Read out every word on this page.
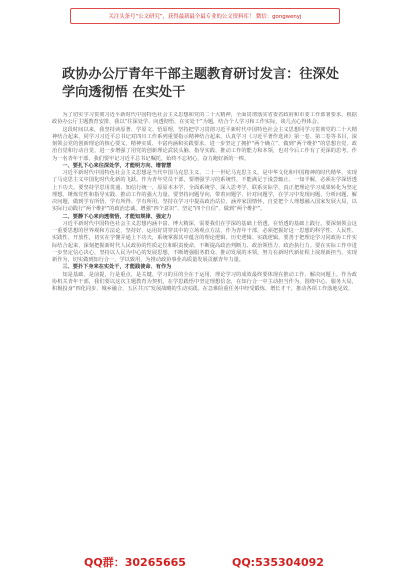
关注头条号“公文研究”，获得最新最全最专业的公文资料库！ 微信：gongwenyj
政协办公厅青年干部主题教育研讨发言：往深处学向透彻悟 在实处干

为了切实学习贯彻习近平新时代中国特色社会主义思想和党的二十大精神，全面贯彻落实省委省政府和市委工作部署要求，根据政协办公厅主题教育安排，我以“往深处学、向透彻悟、在实处干”为题，结合个人学习和工作实际，谈几点心得体会。

这段时间以来，我坚持读原著、学原文、悟原理，坚持把学习贯彻习近平新时代中国特色社会主义思想同学习贯彻党的二十大精神结合起来，同学习习近平总书记对四川工作系列重要指示精神结合起来，认真学习《习近平著作选读》第一卷、第二卷等书目，深刻领会党的创新理论的核心要义、精神实质、丰富内涵和实践要求，进一步坚定了拥护“两个确立”、做到“两个维护”的思想自觉、政治自觉和行动自觉，进一步增强了用党的创新理论武装头脑、指导实践、推动工作的能力和本领，也对今后工作有了更深的思考。作为一名青年干部，我们要牢记习近平总书记嘱托，始终不忘初心，奋力跑好新的一棒。

一、要扎下心来往深处学，才能明方向、增智慧

习近平新时代中国特色社会主义思想是当代中国马克思主义、二十一世纪马克思主义，是中华文化和中国精神的时代精华，实现了马克思主义中国化时代化新的飞跃。作为青年党员干部，要增强学习的系统性，不能满足于浅尝辄止、一知半解，必须在学深悟透上下功夫。要坚持学思用贯通、知信行统一，原原本本学、全面系统学、深入思考学、联系实际学，真正把理论学习成果转化为坚定理想、锤炼党性和指导实践、推动工作的强大力量。要坚持问题导向，带着问题学、针对问题学，在学习中发现问题、分析问题、解决问题，做到学有所悟、学有所得、学有所用。坚持在学习中提高政治站位、涵养家国情怀，自觉把个人理想融入国家发展大局，以实际行动践行“两个维护”的政治忠诚，增强“四个意识”、坚定“四个自信”、做到“两个维护”。

二、要静下心来向透彻悟，才能知规律、强定力

习近平新时代中国特色社会主义思想内涵丰富、博大精深，需要我们在学深的基础上悟透，在悟透的基础上践行。要深刻领会这一重要思想的世界观和方法论，坚持好、运用好贯穿其中的立场观点方法，作为青年干部，必须把握好这一思想的科学性、人民性、实践性、开放性，切实在学懂弄通上下功夫，系统掌握其中蕴含的理论逻辑、历史逻辑、实践逻辑。要善于把理论学习同政协工作实际结合起来，深刻把握新时代人民政协的性质定位和职责使命，不断提高政治判断力、政治领悟力、政治执行力。要在实际工作中进一步坚定信心决心，坚持以人民为中心的发展思想，不断增强服务群众、推动发展的本领，努力在新时代新征程上展现新担当、实现新作为，切实做到知行合一、学以致用，为推动政协事业高质量发展贡献青年力量。

三、要扑下身来在实处干，才能践使命、有作为

知是基础、是前提，行是重点、是关键。学习的目的全在于运用，理论学习的成效最终要体现在推动工作、解决问题上。作为政协机关青年干部，我们要以这次主题教育为契机，在学思践悟中坚定理想信念，在知行合一中主动担当作为，围绕中心、服务大局，积极投身“四化同步、城乡融合、五区共兴”发展战略的生动实践，在急难险重任务中经受锻炼、增长才干，推动各项工作落地见效。

QQ群：30265665	QQ:535304092
